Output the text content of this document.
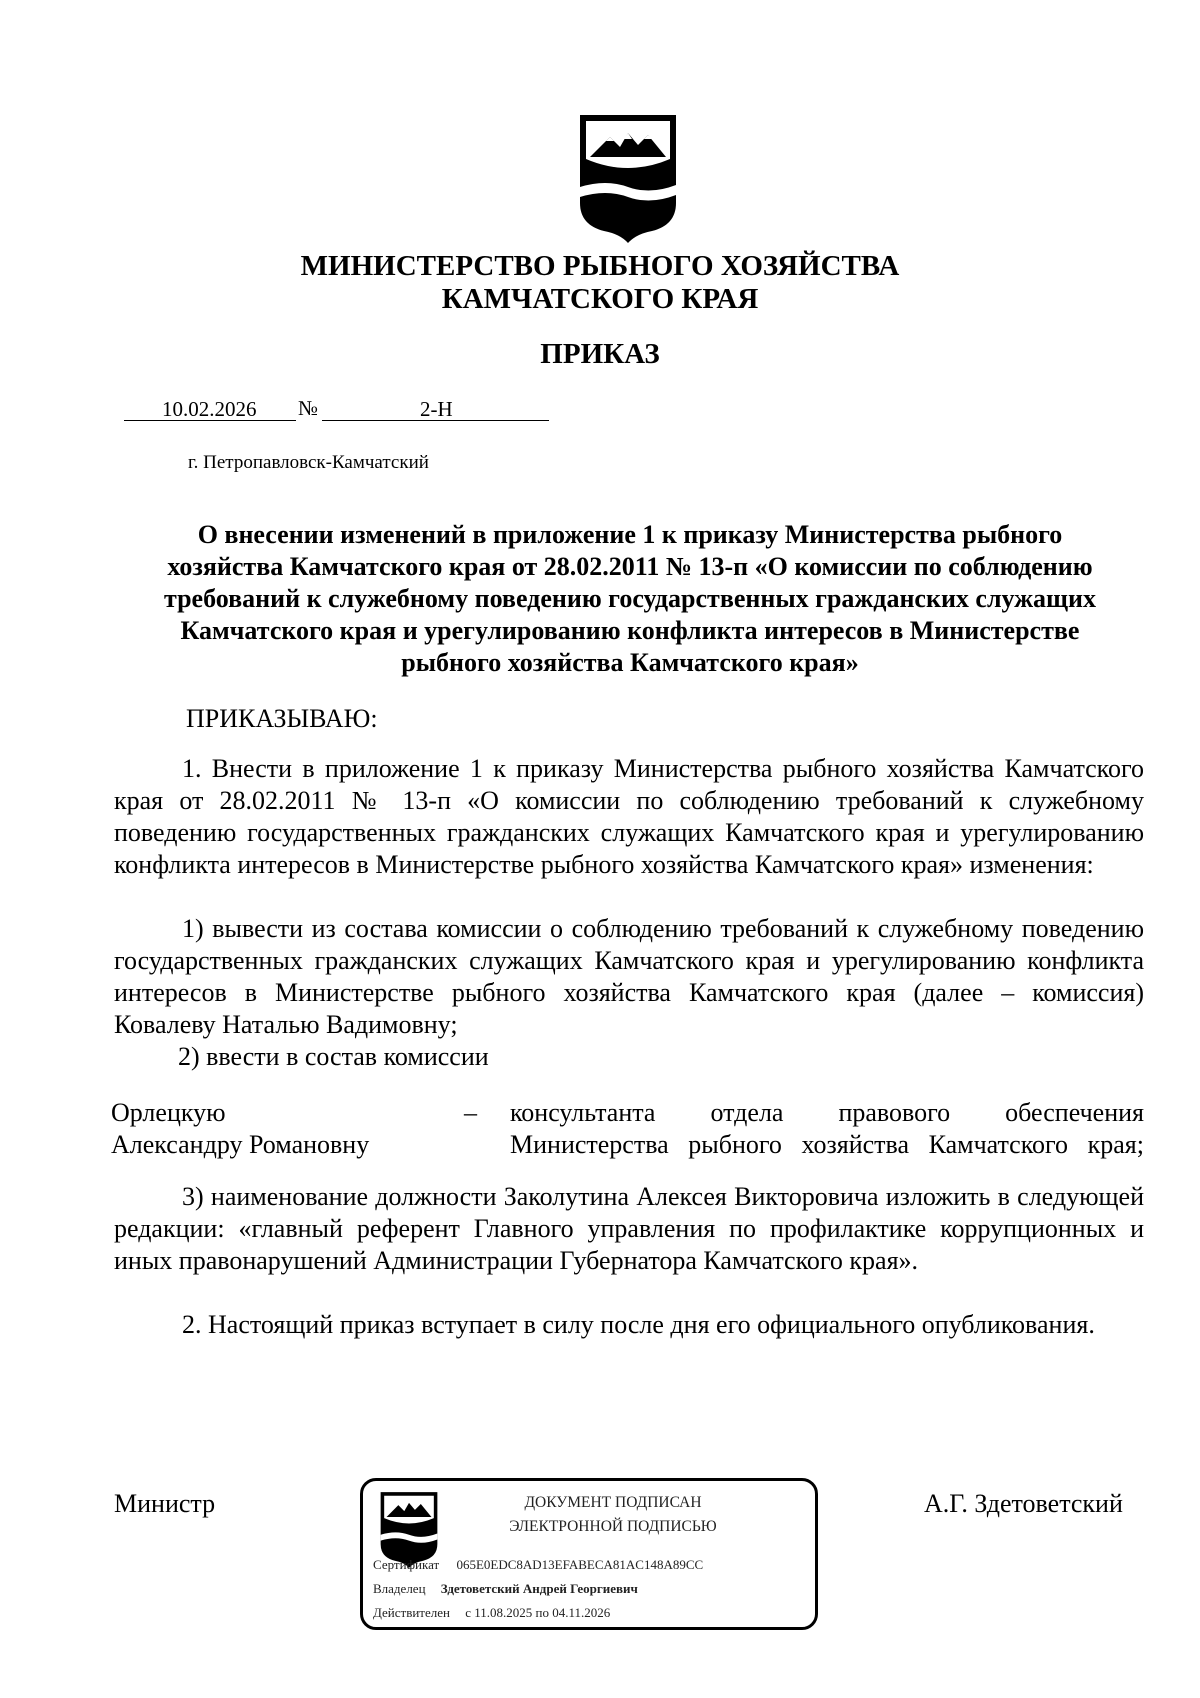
МИНИСТЕРСТВО РЫБНОГО ХОЗЯЙСТВА
КАМЧАТСКОГО КРАЯ
ПРИКАЗ
10.02.2026 №	2-Н
г. Петропавловск-Камчатский
О внесении изменений в приложение 1 к приказу Министерства рыбного хозяйства Камчатского края от 28.02.2011 № 13-п «О комиссии по соблюдению требований к служебному поведению государственных гражданских служащих Камчатского края и урегулированию конфликта интересов в Министерстве рыбного хозяйства Камчатского края»
ПРИКАЗЫВАЮ:
1. Внести в приложение 1 к приказу Министерства рыбного хозяйства Камчатского края от 28.02.2011 № 13-п «О комиссии по соблюдению требований к служебному поведению государственных гражданских служащих Камчатского края и урегулированию конфликта интересов в Министерстве рыбного хозяйства Камчатского края» изменения:
1) вывести из состава комиссии о соблюдению требований к служебному поведению государственных гражданских служащих Камчатского края и урегулированию конфликта интересов в Министерстве рыбного хозяйства Камчатского края (далее – комиссия) Ковалеву Наталью Вадимовну;
2) ввести в состав комиссии
Орлецкую
Александру Романовну
– консультанта отдела правового обеспечения Министерства рыбного хозяйства Камчатского края;
3) наименование должности Заколутина Алексея Викторовича изложить в следующей редакции: «главный референт Главного управления по профилактике коррупционных и иных правонарушений Администрации Губернатора Камчатского края».
2. Настоящий приказ вступает в силу после дня его официального опубликования.
Министр	А.Г. Здетоветский
ДОКУМЕНТ ПОДПИСАН
ЭЛЕКТРОННОЙ ПОДПИСЬЮ
Сертификат 065E0EDC8AD13EFABECA81AC148A89CC
Владелец Здетоветский Андрей Георгиевич
Действителен с 11.08.2025 по 04.11.2026
